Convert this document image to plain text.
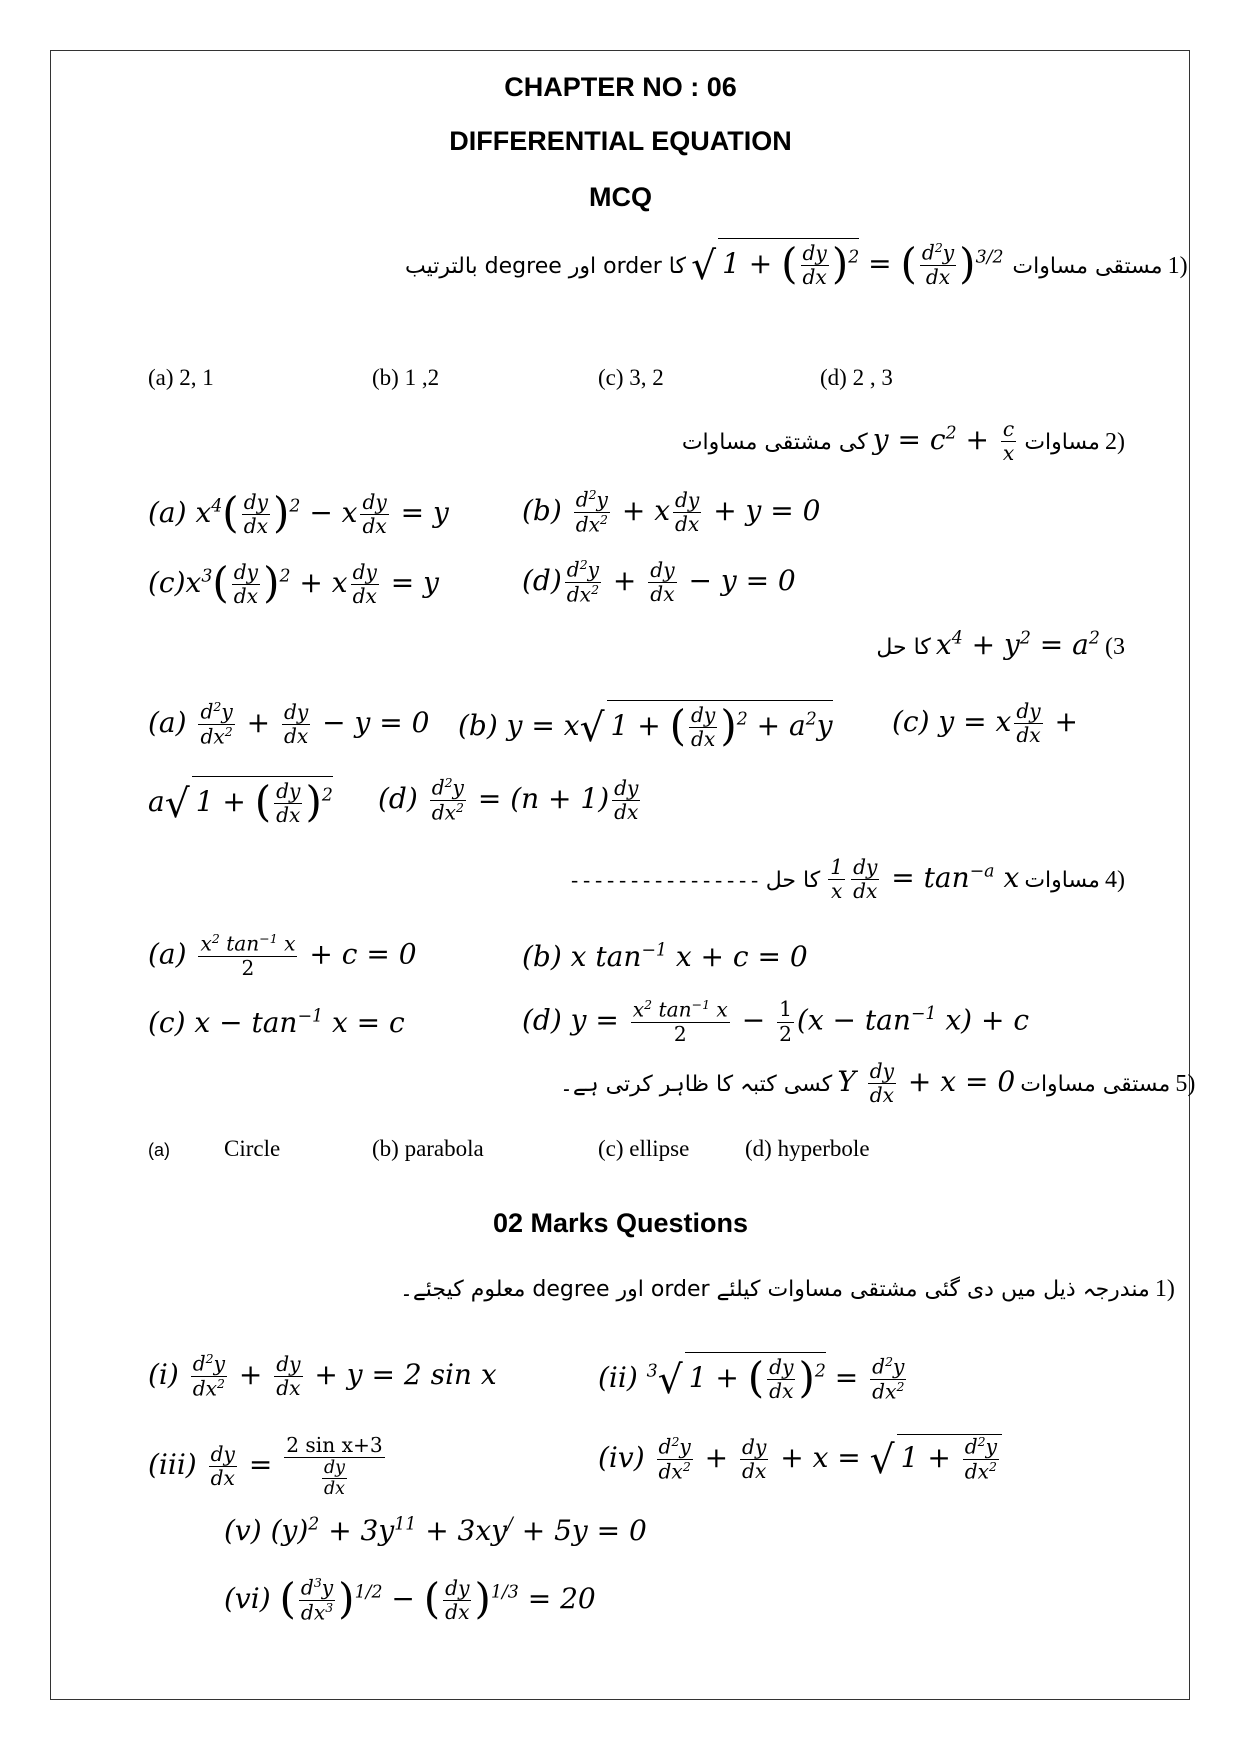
CHAPTER NO : 06
DIFFERENTIAL EQUATION
MCQ
کا order اور degree بالترتیب √ 1 + ( $\frac{dy}{dx} )^2$ = ( $\frac{d^2y}{dx} )^{3/2}$ مستقی مساوات 1)
(a) 2, 1	(b) 1 ,2	(c) 3, 2	(d) 2 , 3
کی مشتقی مساوات $y = c^2 + \frac{c}{x}$ مساوات 2)
(a) $x^4( \frac{dy}{dx} )^2 - x \frac{dy}{dx} = y$	$(b) \frac{d^2y}{dx^2} + x \frac{dy}{dx} + y = 0$
$(c)x^3( \frac{dy}{dx} )^2 + x \frac{dy}{dx} = y$	$(d) \frac{d^2y}{dx^2} + \frac{dy}{dx} - y = 0$
کا حل $x^4 + y^2 = a^2$ (3
$(a) \frac{d^2y}{dx^2} + \frac{dy}{dx} - y = 0$ (b) y = x√ 1 + ( $\frac{dy}{dx} )^2 + a^2y$ (c) y = x $\frac{dy}{dx}$ +
a√ 1 + ( $\frac{dy}{dx} )^2$ $(d) \frac{d^2y}{dx^2} = (n + 1) \frac{dy}{dx}$
---------------- کا حل $\frac{1}{x} \frac{dy}{dx} = \tan^{-a} x$ مساوات 4)
$(a) \frac{x^2 \tan^{-1} x}{2} + c = 0$	(b) x $\tan^{-1} x + c = 0$
(c) $x - \tan^{-1} x = c$	(d) $y = \frac{x^2 \tan^{-1} x}{2} - \frac{1}{2} (x - \tan^{-1} x) + c$
کسی کتبہ کا ظاہر کرتی ہے۔ Y $\frac{dy}{dx} + x = 0$ مستقی مساوات 5)
(a) Circle	(b) parabola	(c) ellipse (d) hyperbole
02 Marks Questions
مندرجہ ذیل میں دی گئی مشتقی مساوات کیلئے order اور degree معلوم کیجئے۔ 1)
$(i) \frac{d^2y}{dx^2} + \frac{dy}{dx} + y = 2$ sin x	(ii) $^3$√ 1 + ( $\frac{dy}{dx} )^2 = \frac{d^2y}{dx^2}$
$(iii) \frac{dy}{dx} = \frac{\text{2 sin x+3}}{\frac{dy}{dx}}$	$(iv) \frac{d^2y}{dx^2} + \frac{dy}{dx} + x$ = √ $1 + \frac{d^2y}{dx^2}$
(v) $(y)^2 + 3y^{11} + 3xy^/ + 5y = 0$
(vi) ( $\frac{d^3y}{dx^3} )^{1/2}$ − ( $\frac{dy}{dx} )^{1/3} = 20$
